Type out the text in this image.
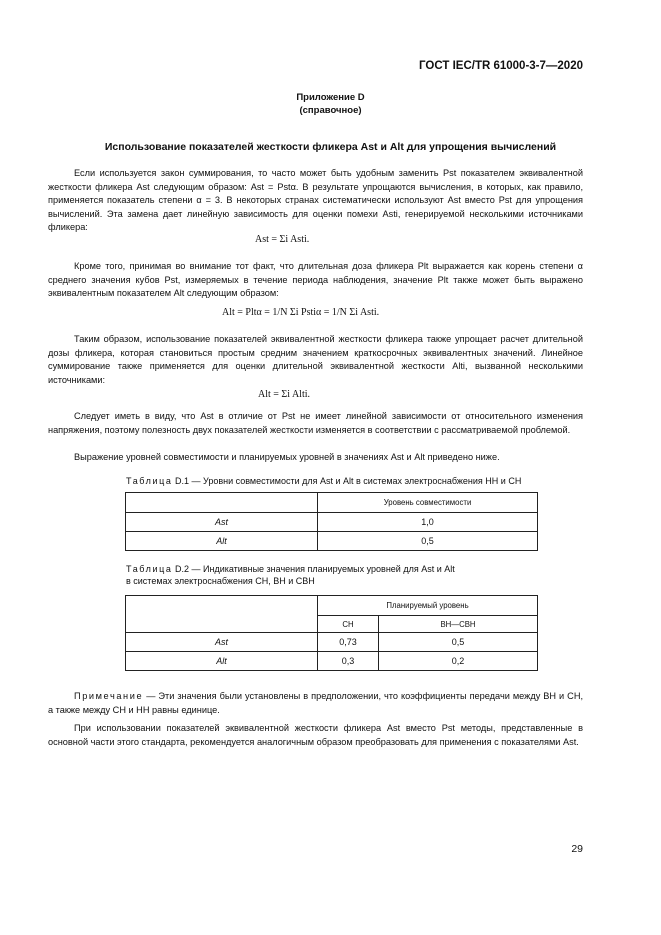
ГОСТ IEC/TR 61000-3-7—2020
Приложение D
(справочное)
Использование показателей жесткости фликера Ast и Alt для упрощения вычислений
Если используется закон суммирования, то часто может быть удобным заменить Pst показателем эквивалентной жесткости фликера Ast следующим образом: Ast = Pstα. В результате упрощаются вычисления, в которых, как правило, применяется показатель степени α = 3. В некоторых странах систематически используют Ast вместо Pst для упрощения вычислений. Эта замена дает линейную зависимость для оценки помехи Asti, генерируемой несколькими источниками фликера:
Ast = Σi Asti.
Кроме того, принимая во внимание тот факт, что длительная доза фликера Plt выражается как корень степени α среднего значения кубов Pst, измеряемых в течение периода наблюдения, значение Plt также может быть выражено эквивалентным показателем Alt следующим образом:
Alt = Pltα = 1/N Σi Pstiα = 1/N Σi Asti.
Таким образом, использование показателей эквивалентной жесткости фликера также упрощает расчет длительной дозы фликера, которая становиться простым средним значением краткосрочных эквивалентных значений. Линейное суммирование также применяется для оценки длительной эквивалентной жесткости Alti, вызванной несколькими источниками:
Alt = Σi Alti.
Следует иметь в виду, что Ast в отличие от Pst не имеет линейной зависимости от относительного изменения напряжения, поэтому полезность двух показателей жесткости изменяется в соответствии с рассматриваемой проблемой.
Выражение уровней совместимости и планируемых уровней в значениях Ast и Alt приведено ниже.
Таблица D.1 — Уровни совместимости для Ast и Alt в системах электроснабжения НН и СН
	Уровень совместимости
Ast	1,0
Alt	0,5
Таблица D.2 — Индикативные значения планируемых уровней для Ast и Alt
в системах электроснабжения СН, ВН и СВН
	Планируемый уровень	
	СН	ВН—СВН
Ast	0,73	0,5
Alt	0,3	0,2
Примечание — Эти значения были установлены в предположении, что коэффициенты передачи между ВН и СН, а также между СН и НН равны единице.
При использовании показателей эквивалентной жесткости фликера Ast вместо Pst методы, представленные в основной части этого стандарта, рекомендуется аналогичным образом преобразовать для применения с показателями Ast.
29
